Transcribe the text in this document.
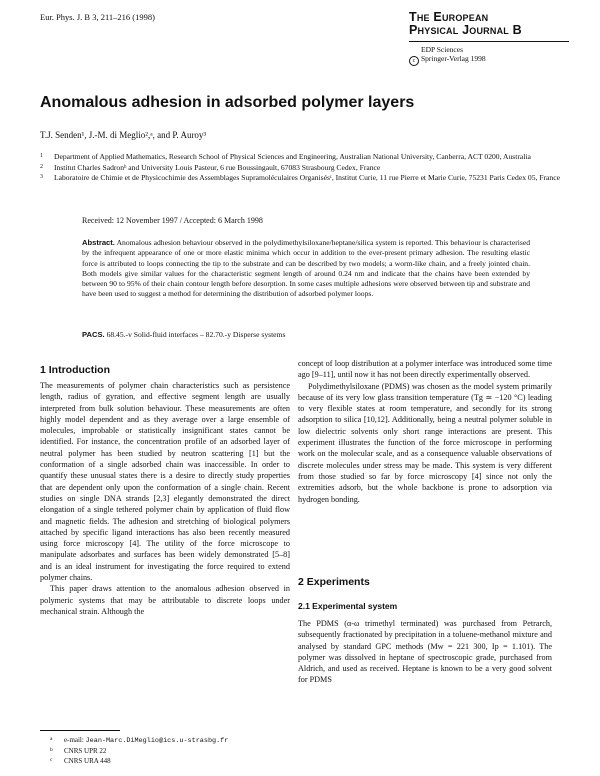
Eur. Phys. J. B 3, 211–216 (1998)	The European
Physical Journal B
EDP Sciences
c Springer-Verlag 1998
Anomalous adhesion in adsorbed polymer layers
T.J. Senden¹, J.-M. di Meglio²,ᵃ, and P. Auroy³
1 Department of Applied Mathematics, Research School of Physical Sciences and Engineering, Australian National University, Canberra, ACT 0200, Australia
2 Institut Charles Sadronᵇ and University Louis Pasteur, 6 rue Boussingault, 67083 Strasbourg Cedex, France
3 Laboratoire de Chimie et de Physicochimie des Assemblages Supramoléculaires Organisésᶜ, Institut Curie, 11 rue Pierre et Marie Curie, 75231 Paris Cedex 05, France
Received: 12 November 1997 / Accepted: 6 March 1998
Abstract. Anomalous adhesion behaviour observed in the polydimethylsiloxane/heptane/silica system is reported. This behaviour is characterised by the infrequent appearance of one or more elastic minima which occur in addition to the ever-present primary adhesion. The resulting elastic force is attributed to loops connecting the tip to the substrate and can be described by two models; a worm-like chain, and a freely jointed chain. Both models give similar values for the characteristic segment length of around 0.24 nm and indicate that the chains have been extended by between 90 to 95% of their chain contour length before desorption. In some cases multiple adhesions were observed between tip and substrate and have been used to suggest a method for determining the distribution of adsorbed polymer loops.
PACS. 68.45.-v Solid-fluid interfaces – 82.70.-y Disperse systems
1 Introduction

The measurements of polymer chain characteristics such as persistence length, radius of gyration, and effective segment length are usually interpreted from bulk solution behaviour. These measurements are often highly model dependent and as they average over a large ensemble of molecules, improbable or statistically insignificant states cannot be identified. For instance, the concentration profile of an adsorbed layer of neutral polymer has been studied by neutron scattering [1] but the conformation of a single adsorbed chain was inaccessible. In order to quantify these unusual states there is a desire to directly study properties that are dependent only upon the conformation of a single chain. Recent studies on single DNA strands [2,3] elegantly demonstrated the direct elongation of a single tethered polymer chain by application of fluid flow and magnetic fields. The adhesion and stretching of biological polymers attached by specific ligand interactions has also been recently measured using force microscopy [4]. The utility of the force microscope to manipulate adsorbates and surfaces has been widely demonstrated [5–8] and is an ideal instrument for investigating the force required to extend polymer chains.

This paper draws attention to the anomalous adhesion observed in polymeric systems that may be attributable to discrete loops under mechanical strain. Although the

concept of loop distribution at a polymer interface was introduced some time ago [9–11], until now it has not been directly experimentally observed.

Polydimethylsiloxane (PDMS) was chosen as the model system primarily because of its very low glass transition temperature (Tg ≃ −120 °C) leading to very flexible states at room temperature, and secondly for its strong adsorption to silica [10,12]. Additionally, being a neutral polymer soluble in low dielectric solvents only short range interactions are present. This experiment illustrates the function of the force microscope in performing work on the molecular scale, and as a consequence valuable observations of discrete molecules under stress may be made. This system is very different from those studied so far by force microscopy [4] since not only the extremities adsorb, but the whole backbone is prone to adsorption via hydrogen bonding.

2 Experiments
2.1 Experimental system

The PDMS (α-ω trimethyl terminated) was purchased from Petrarch, subsequently fractionated by precipitation in a toluene-methanol mixture and analysed by standard GPC methods (Mw = 221 300, Ip = 1.101). The polymer was dissolved in heptane of spectroscopic grade, purchased from Aldrich, and used as received. Heptane is known to be a very good solvent for PDMS

a e-mail: Jean-Marc.DiMeglio@ics.u-strasbg.fr
b CNRS UPR 22
c CNRS URA 448
